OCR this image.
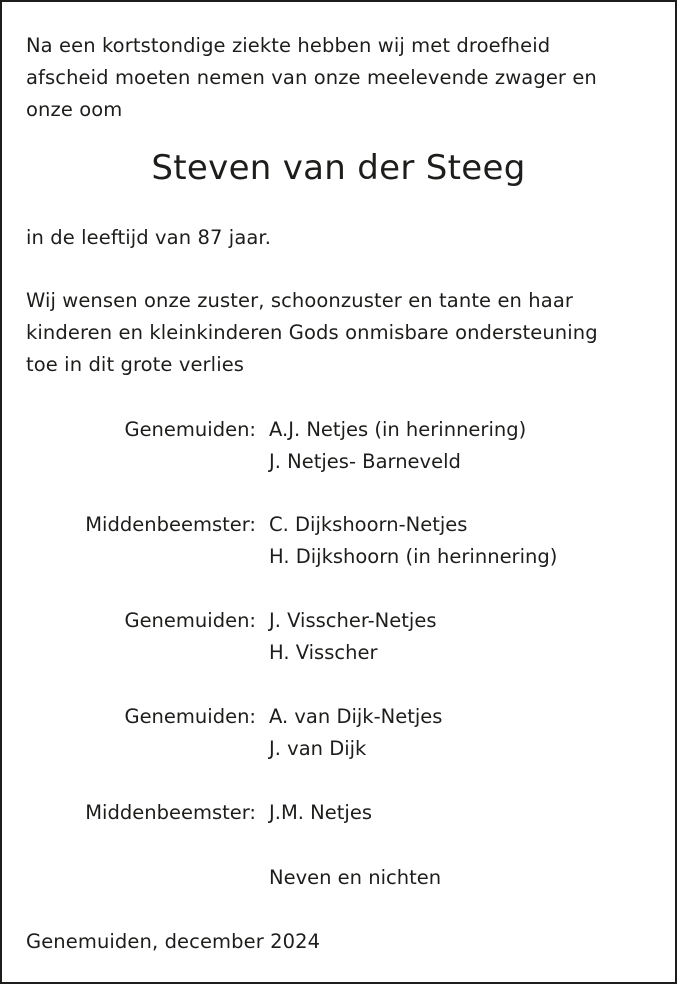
Na een kortstondige ziekte hebben wij met droefheid
afscheid moeten nemen van onze meelevende zwager en
onze oom

Steven van der Steeg

in de leeftijd van 87 jaar.

Wij wensen onze zuster, schoonzuster en tante en haar
kinderen en kleinkinderen Gods onmisbare ondersteuning
toe in dit grote verlies

Genemuiden: A.J. Netjes (in herinnering)
J. Netjes- Barneveld
Middenbeemster: C. Dijkshoorn-Netjes
H. Dijkshoorn (in herinnering)
Genemuiden: J. Visscher-Netjes
H. Visscher
Genemuiden: A. van Dijk-Netjes
J. van Dijk
Middenbeemster: J.M. Netjes
Neven en nichten

Genemuiden, december 2024
